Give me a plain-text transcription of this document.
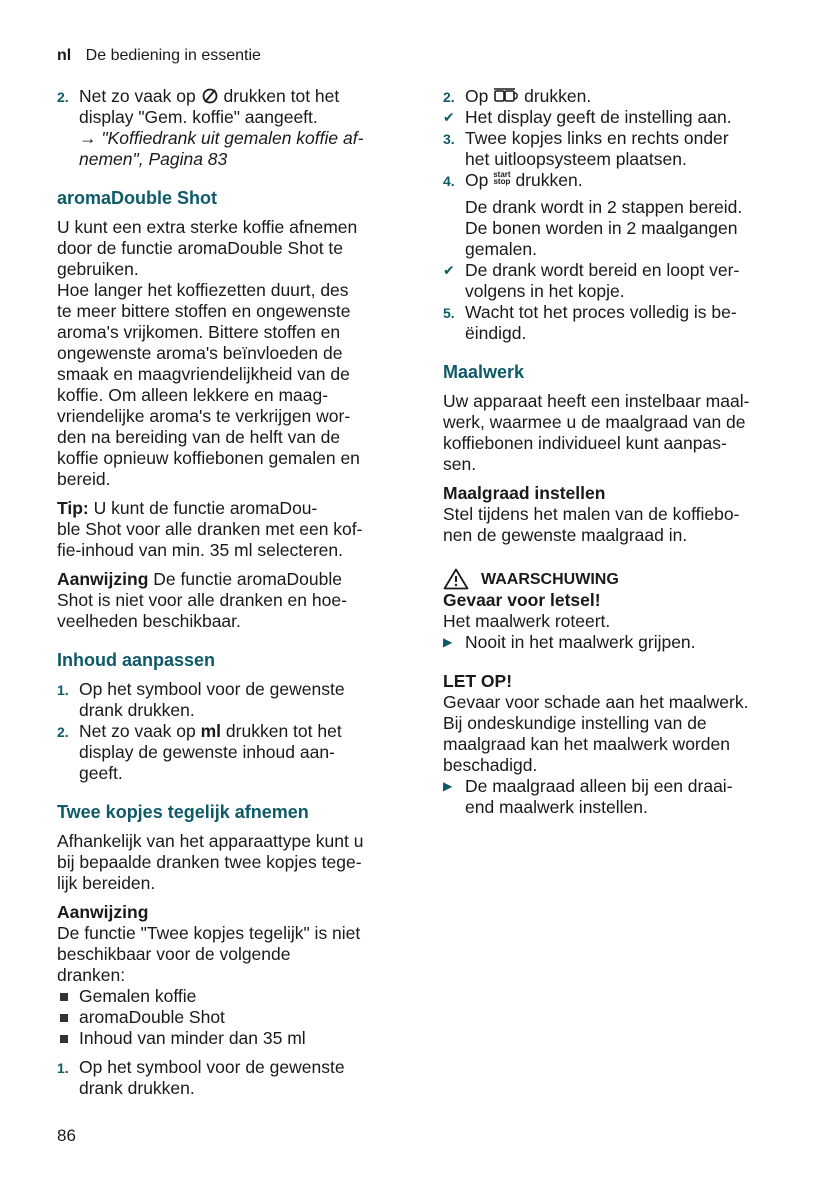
nl De bediening in essentie
2. Net zo vaak op drukken tot het
display "Gem. koffie" aangeeft.

→ "Koffiedrank uit gemalen koffie af-
nemen", Pagina 83

aromaDouble Shot

U kunt een extra sterke koffie afnemen
door de functie aromaDouble Shot te
gebruiken.
Hoe langer het koffiezetten duurt, des
te meer bittere stoffen en ongewenste
aroma's vrijkomen. Bittere stoffen en
ongewenste aroma's beïnvloeden de
smaak en maagvriendelijkheid van de
koffie. Om alleen lekkere en maag-
vriendelijke aroma's te verkrijgen wor-
den na bereiding van de helft van de
koffie opnieuw koffiebonen gemalen en
bereid.

Tip: U kunt de functie aromaDou-
ble Shot voor alle dranken met een kof-
fie-inhoud van min. 35 ml selecteren.

Aanwijzing De functie aromaDouble
Shot is niet voor alle dranken en hoe-
veelheden beschikbaar.

Inhoud aanpassen
1. Op het symbool voor de gewenste
drank drukken.
2. Net zo vaak op ml drukken tot het
display de gewenste inhoud aan-
geeft.
Twee kopjes tegelijk afnemen

Afhankelijk van het apparaattype kunt u
bij bepaalde dranken twee kopjes tege-
lijk bereiden.

Aanwijzing

De functie "Twee kopjes tegelijk" is niet
beschikbaar voor de volgende
dranken:

Gemalen koffie
aromaDouble Shot
Inhoud van minder dan 35 ml
1. Op het symbool voor de gewenste
drank drukken.
2. Op drukken.
✔ Het display geeft de instelling aan.
3. Twee kopjes links en rechts onder
het uitloopsysteem plaatsen.
4. Op start
stop drukken.

De drank wordt in 2 stappen bereid.
De bonen worden in 2 maalgangen
gemalen.

✔ De drank wordt bereid en loopt ver-
volgens in het kopje.
5. Wacht tot het proces volledig is be-
ëindigd.
Maalwerk

Uw apparaat heeft een instelbaar maal-
werk, waarmee u de maalgraad van de
koffiebonen individueel kunt aanpas-
sen.

Maalgraad instellen

Stel tijdens het malen van de koffiebo-
nen de gewenste maalgraad in.

WAARSCHUWING
Gevaar voor letsel!

Het maalwerk roteert.

▶ Nooit in het maalwerk grijpen.
LET OP!

Gevaar voor schade aan het maalwerk.
Bij ondeskundige instelling van de
maalgraad kan het maalwerk worden
beschadigd.

▶ De maalgraad alleen bij een draai-
end maalwerk instellen.
86
